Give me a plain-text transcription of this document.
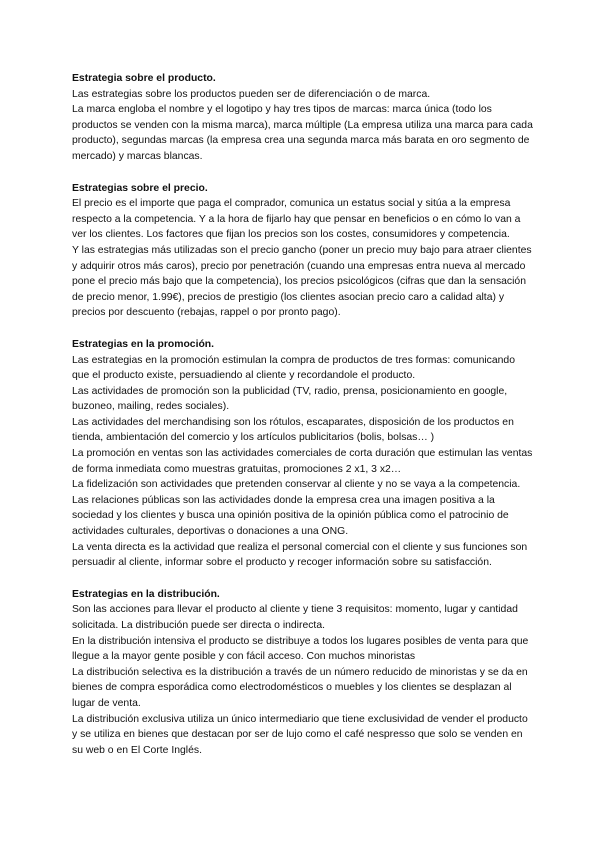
Estrategia sobre el producto.

Las estrategias sobre los productos pueden ser de diferenciación o de marca.

La marca engloba el nombre y el logotipo y hay tres tipos de marcas: marca única (todo los productos se venden con la misma marca), marca múltiple (La empresa utiliza una marca para cada producto), segundas marcas (la empresa crea una segunda marca más barata en oro segmento de mercado) y marcas blancas.

Estrategias sobre el precio.

El precio es el importe que paga el comprador, comunica un estatus social y sitúa a la empresa respecto a la competencia. Y a la hora de fijarlo hay que pensar en beneficios o en cómo lo van a ver los clientes. Los factores que fijan los precios son los costes, consumidores y competencia.

Y las estrategias más utilizadas son el precio gancho (poner un precio muy bajo para atraer clientes y adquirir otros más caros), precio por penetración (cuando una empresas entra nueva al mercado pone el precio más bajo que la competencia), los precios psicológicos (cifras que dan la sensación de precio menor, 1.99€), precios de prestigio (los clientes asocian precio caro a calidad alta) y precios por descuento (rebajas, rappel o por pronto pago).

Estrategias en la promoción.

Las estrategias en la promoción estimulan la compra de productos de tres formas: comunicando que el producto existe, persuadiendo al cliente y recordandole el producto.

Las actividades de promoción son la publicidad (TV, radio, prensa, posicionamiento en google, buzoneo, mailing, redes sociales).

Las actividades del merchandising son los rótulos, escaparates, disposición de los productos en tienda, ambientación del comercio y los artículos publicitarios (bolis, bolsas… )

La promoción en ventas son las actividades comerciales de corta duración que estimulan las ventas de forma inmediata como muestras gratuitas, promociones 2 x1, 3 x2…

La fidelización son actividades que pretenden conservar al cliente y no se vaya a la competencia.

Las relaciones públicas son las actividades donde la empresa crea una imagen positiva a la sociedad y los clientes y busca una opinión positiva de la opinión pública como el patrocinio de actividades culturales, deportivas o donaciones a una ONG.

La venta directa es la actividad que realiza el personal comercial con el cliente y sus funciones son persuadir al cliente, informar sobre el producto y recoger información sobre su satisfacción.

Estrategias en la distribución.

Son las acciones para llevar el producto al cliente y tiene 3 requisitos: momento, lugar y cantidad solicitada. La distribución puede ser directa o indirecta.

En la distribución intensiva el producto se distribuye a todos los lugares posibles de venta para que llegue a la mayor gente posible y con fácil acceso. Con muchos minoristas

La distribución selectiva es la distribución a través de un número reducido de minoristas y se da en bienes de compra esporádica como electrodomésticos o muebles y los clientes se desplazan al lugar de venta.

La distribución exclusiva utiliza un único intermediario que tiene exclusividad de vender el producto y se utiliza en bienes que destacan por ser de lujo como el café nespresso que solo se venden en su web o en El Corte Inglés.
